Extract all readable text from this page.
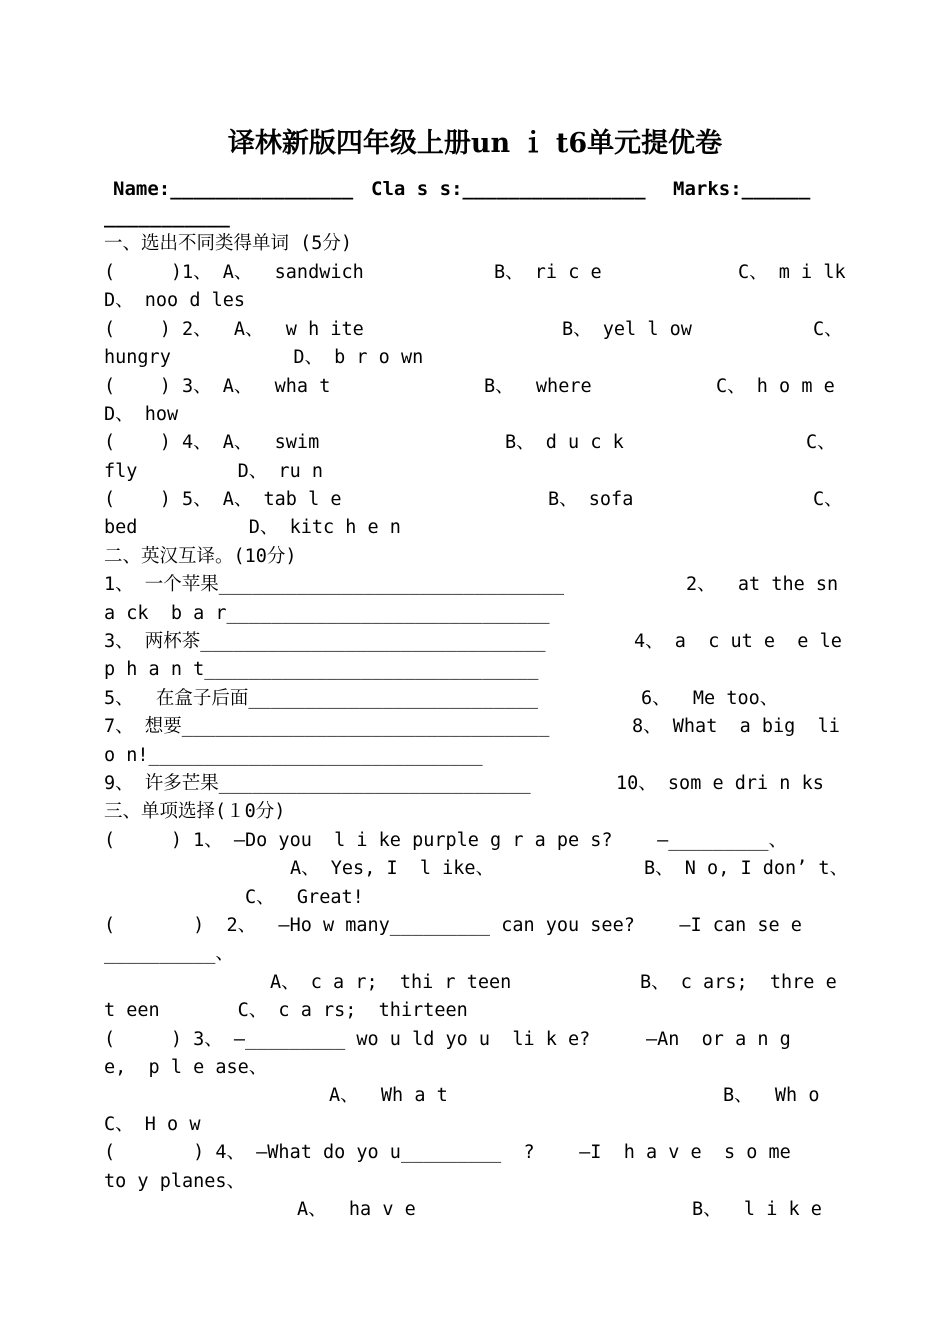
译林新版四年级上册un ｉ t6单元提优卷
Name:________________ Cla s s:________________ Marks:______
___________
一、选出不同类得单词 (5分)
(     )1、 A、  sandwich	B、 ri c e	C、 m i lk
D、 noo d les
(    ) 2、  A、  w h ite	B、 yel l ow	C、
hungry           D、 b r o wn
(    ) 3、 A、  wha t	B、  where	C、 h o m e
D、 how
(    ) 4、 A、  swim	B、 d u c k	C、
fly         D、 ru n
(    ) 5、 A、 tab l e	B、 sofa	C、
bed          D、 kitc h e n
二、英汉互译。(10分)
1、 一个苹果_______________________________	2、  at the sn
a ck  b a r_____________________________
3、 两杯茶_______________________________	4、 a  c ut e  e le
p h a n t______________________________
5、  在盒子后面__________________________	6、  Me too、
7、 想要_________________________________	8、 What  a big  li
o n!______________________________
9、 许多芒果____________________________	10、 som e dri n ks
三、单项选择(１0分)
(     ) 1、 —Do you  l i ke purple g r a pe s?    —_________、
A、 Yes, I  l ike、	B、 N o, I don’ t、
C、  Great!
(       )  2、  —Ho w many_________ can you see?    —I can se e
__________、
A、 c a r;  thi r teen	B、 c ars;  thre e
t een       C、 c a rs;  thirteen
(     ) 3、 —_________ wo u ld yo u  li k e?     —An  or a n g
e,  p l e ase、
A、  Wh a t	B、  Wh o
C、 H o w
(       ) 4、 —What do yo u_________  ?    —I  h a v e  s o me
to y planes、
A、  ha v e	B、  l i k e
